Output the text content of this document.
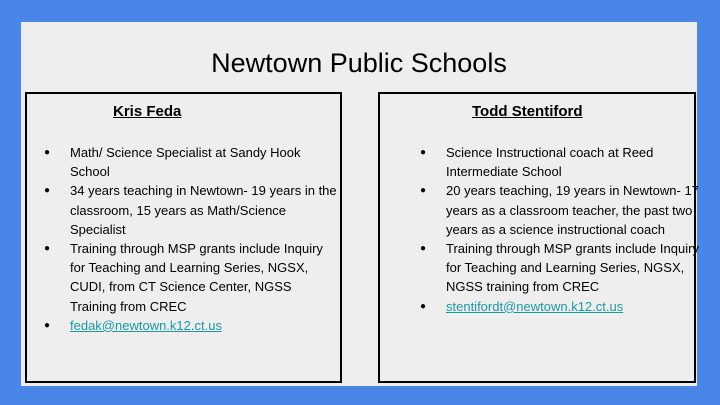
Newtown Public Schools
Kris Feda
● Math/ Science Specialist at Sandy Hook School
● 34 years teaching in Newtown- 19 years in the classroom, 15 years as Math/Science Specialist
● Training through MSP grants include Inquiry for Teaching and Learning Series, NGSX, CUDI, from CT Science Center, NGSS Training from CREC
● fedak@newtown.k12.ct.us
Todd Stentiford
● Science Instructional coach at Reed Intermediate School
● 20 years teaching, 19 years in Newtown- 17 years as a classroom teacher, the past two years as a science instructional coach
● Training through MSP grants include Inquiry for Teaching and Learning Series, NGSX, NGSS training from CREC
● stentifordt@newtown.k12.ct.us
